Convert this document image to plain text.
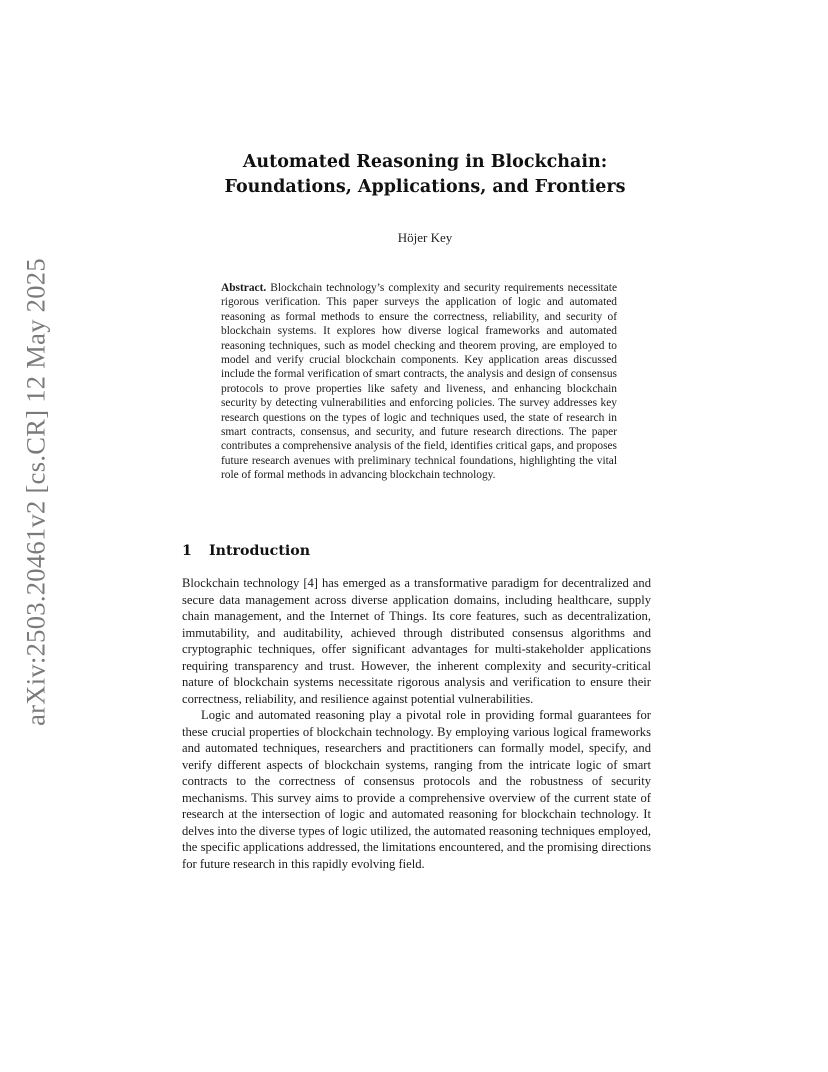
arXiv:2503.20461v2 [cs.CR] 12 May 2025
Automated Reasoning in Blockchain:
Foundations, Applications, and Frontiers
Höjer Key
Abstract. Blockchain technology’s complexity and security requirements necessitate rigorous verification. This paper surveys the application of logic and automated reasoning as formal methods to ensure the correctness, reliability, and security of blockchain systems. It explores how diverse logical frameworks and automated reasoning techniques, such as model checking and theorem proving, are employed to model and verify crucial blockchain components. Key application areas discussed include the formal verification of smart contracts, the analysis and design of consensus protocols to prove properties like safety and liveness, and enhancing blockchain security by detecting vulnerabilities and enforcing policies. The survey addresses key research questions on the types of logic and techniques used, the state of research in smart contracts, consensus, and security, and future research directions. The paper contributes a comprehensive analysis of the field, identifies critical gaps, and proposes future research avenues with preliminary technical foundations, highlighting the vital role of formal methods in advancing blockchain technology.
1 Introduction

Blockchain technology [4] has emerged as a transformative paradigm for decentralized and secure data management across diverse application domains, including healthcare, supply chain management, and the Internet of Things. Its core features, such as decentralization, immutability, and auditability, achieved through distributed consensus algorithms and cryptographic techniques, offer significant advantages for multi-stakeholder applications requiring transparency and trust. However, the inherent complexity and security-critical nature of blockchain systems necessitate rigorous analysis and verification to ensure their correctness, reliability, and resilience against potential vulnerabilities.

Logic and automated reasoning play a pivotal role in providing formal guarantees for these crucial properties of blockchain technology. By employing various logical frameworks and automated techniques, researchers and practitioners can formally model, specify, and verify different aspects of blockchain systems, ranging from the intricate logic of smart contracts to the correctness of consensus protocols and the robustness of security mechanisms. This survey aims to provide a comprehensive overview of the current state of research at the intersection of logic and automated reasoning for blockchain technology. It delves into the diverse types of logic utilized, the automated reasoning techniques employed, the specific applications addressed, the limitations encountered, and the promising directions for future research in this rapidly evolving field.
